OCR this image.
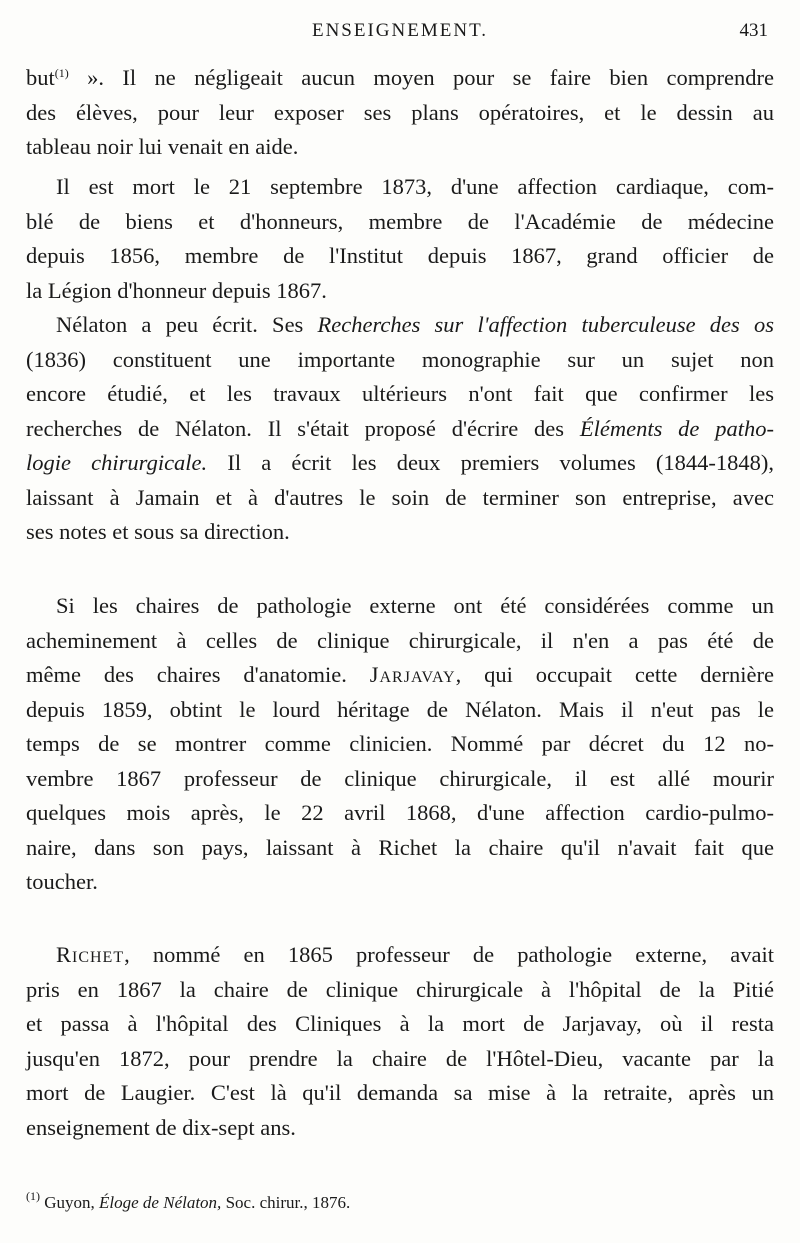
ENSEIGNEMENT.	431
but$^{(1)}$ ». Il ne négligeait aucun moyen pour se faire bien comprendre
des élèves, pour leur exposer ses plans opératoires, et le dessin au
tableau noir lui venait en aide.
Il est mort le 21 septembre 1873, d'une affection cardiaque, com-
blé de biens et d'honneurs, membre de l'Académie de médecine
depuis 1856, membre de l'Institut depuis 1867, grand officier de
la Légion d'honneur depuis 1867.
Nélaton a peu écrit. Ses Recherches sur l'affection tuberculeuse des os
(1836) constituent une importante monographie sur un sujet non
encore étudié, et les travaux ultérieurs n'ont fait que confirmer les
recherches de Nélaton. Il s'était proposé d'écrire des Éléments de patho-
logie chirurgicale. Il a écrit les deux premiers volumes (1844-1848),
laissant à Jamain et à d'autres le soin de terminer son entreprise, avec
ses notes et sous sa direction.
Si les chaires de pathologie externe ont été considérées comme un
acheminement à celles de clinique chirurgicale, il n'en a pas été de
même des chaires d'anatomie. Jarjavay, qui occupait cette dernière
depuis 1859, obtint le lourd héritage de Nélaton. Mais il n'eut pas le
temps de se montrer comme clinicien. Nommé par décret du 12 no-
vembre 1867 professeur de clinique chirurgicale, il est allé mourir
quelques mois après, le 22 avril 1868, d'une affection cardio-pulmo-
naire, dans son pays, laissant à Richet la chaire qu'il n'avait fait que
toucher.
Richet, nommé en 1865 professeur de pathologie externe, avait
pris en 1867 la chaire de clinique chirurgicale à l'hôpital de la Pitié
et passa à l'hôpital des Cliniques à la mort de Jarjavay, où il resta
jusqu'en 1872, pour prendre la chaire de l'Hôtel-Dieu, vacante par la
mort de Laugier. C'est là qu'il demanda sa mise à la retraite, après un
enseignement de dix-sept ans.
$^{(1)}$ Guyon, Éloge de Nélaton, Soc. chirur., 1876.
